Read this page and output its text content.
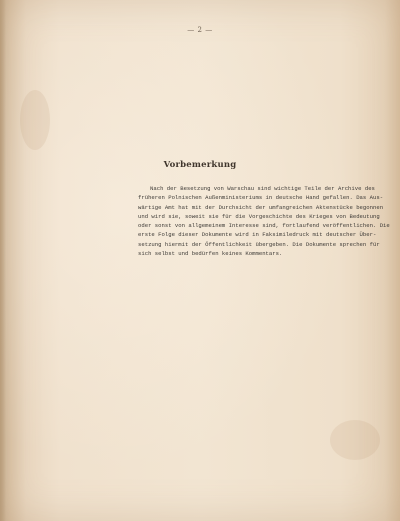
— 2 —
Vorbemerkung
Nach der Besetzung von Warschau sind wichtige Teile der Archive des
früheren Polnischen Außenministeriums in deutsche Hand gefallen. Das Aus-
wärtige Amt hat mit der Durchsicht der umfangreichen Aktenstücke begonnen
und wird sie, soweit sie für die Vorgeschichte des Krieges von Bedeutung
oder sonst von allgemeinem Interesse sind, fortlaufend veröffentlichen. Die
erste Folge dieser Dokumente wird in Faksimiledruck mit deutscher Über-
setzung hiermit der Öffentlichkeit übergeben. Die Dokumente sprechen für
sich selbst und bedürfen keines Kommentars.
